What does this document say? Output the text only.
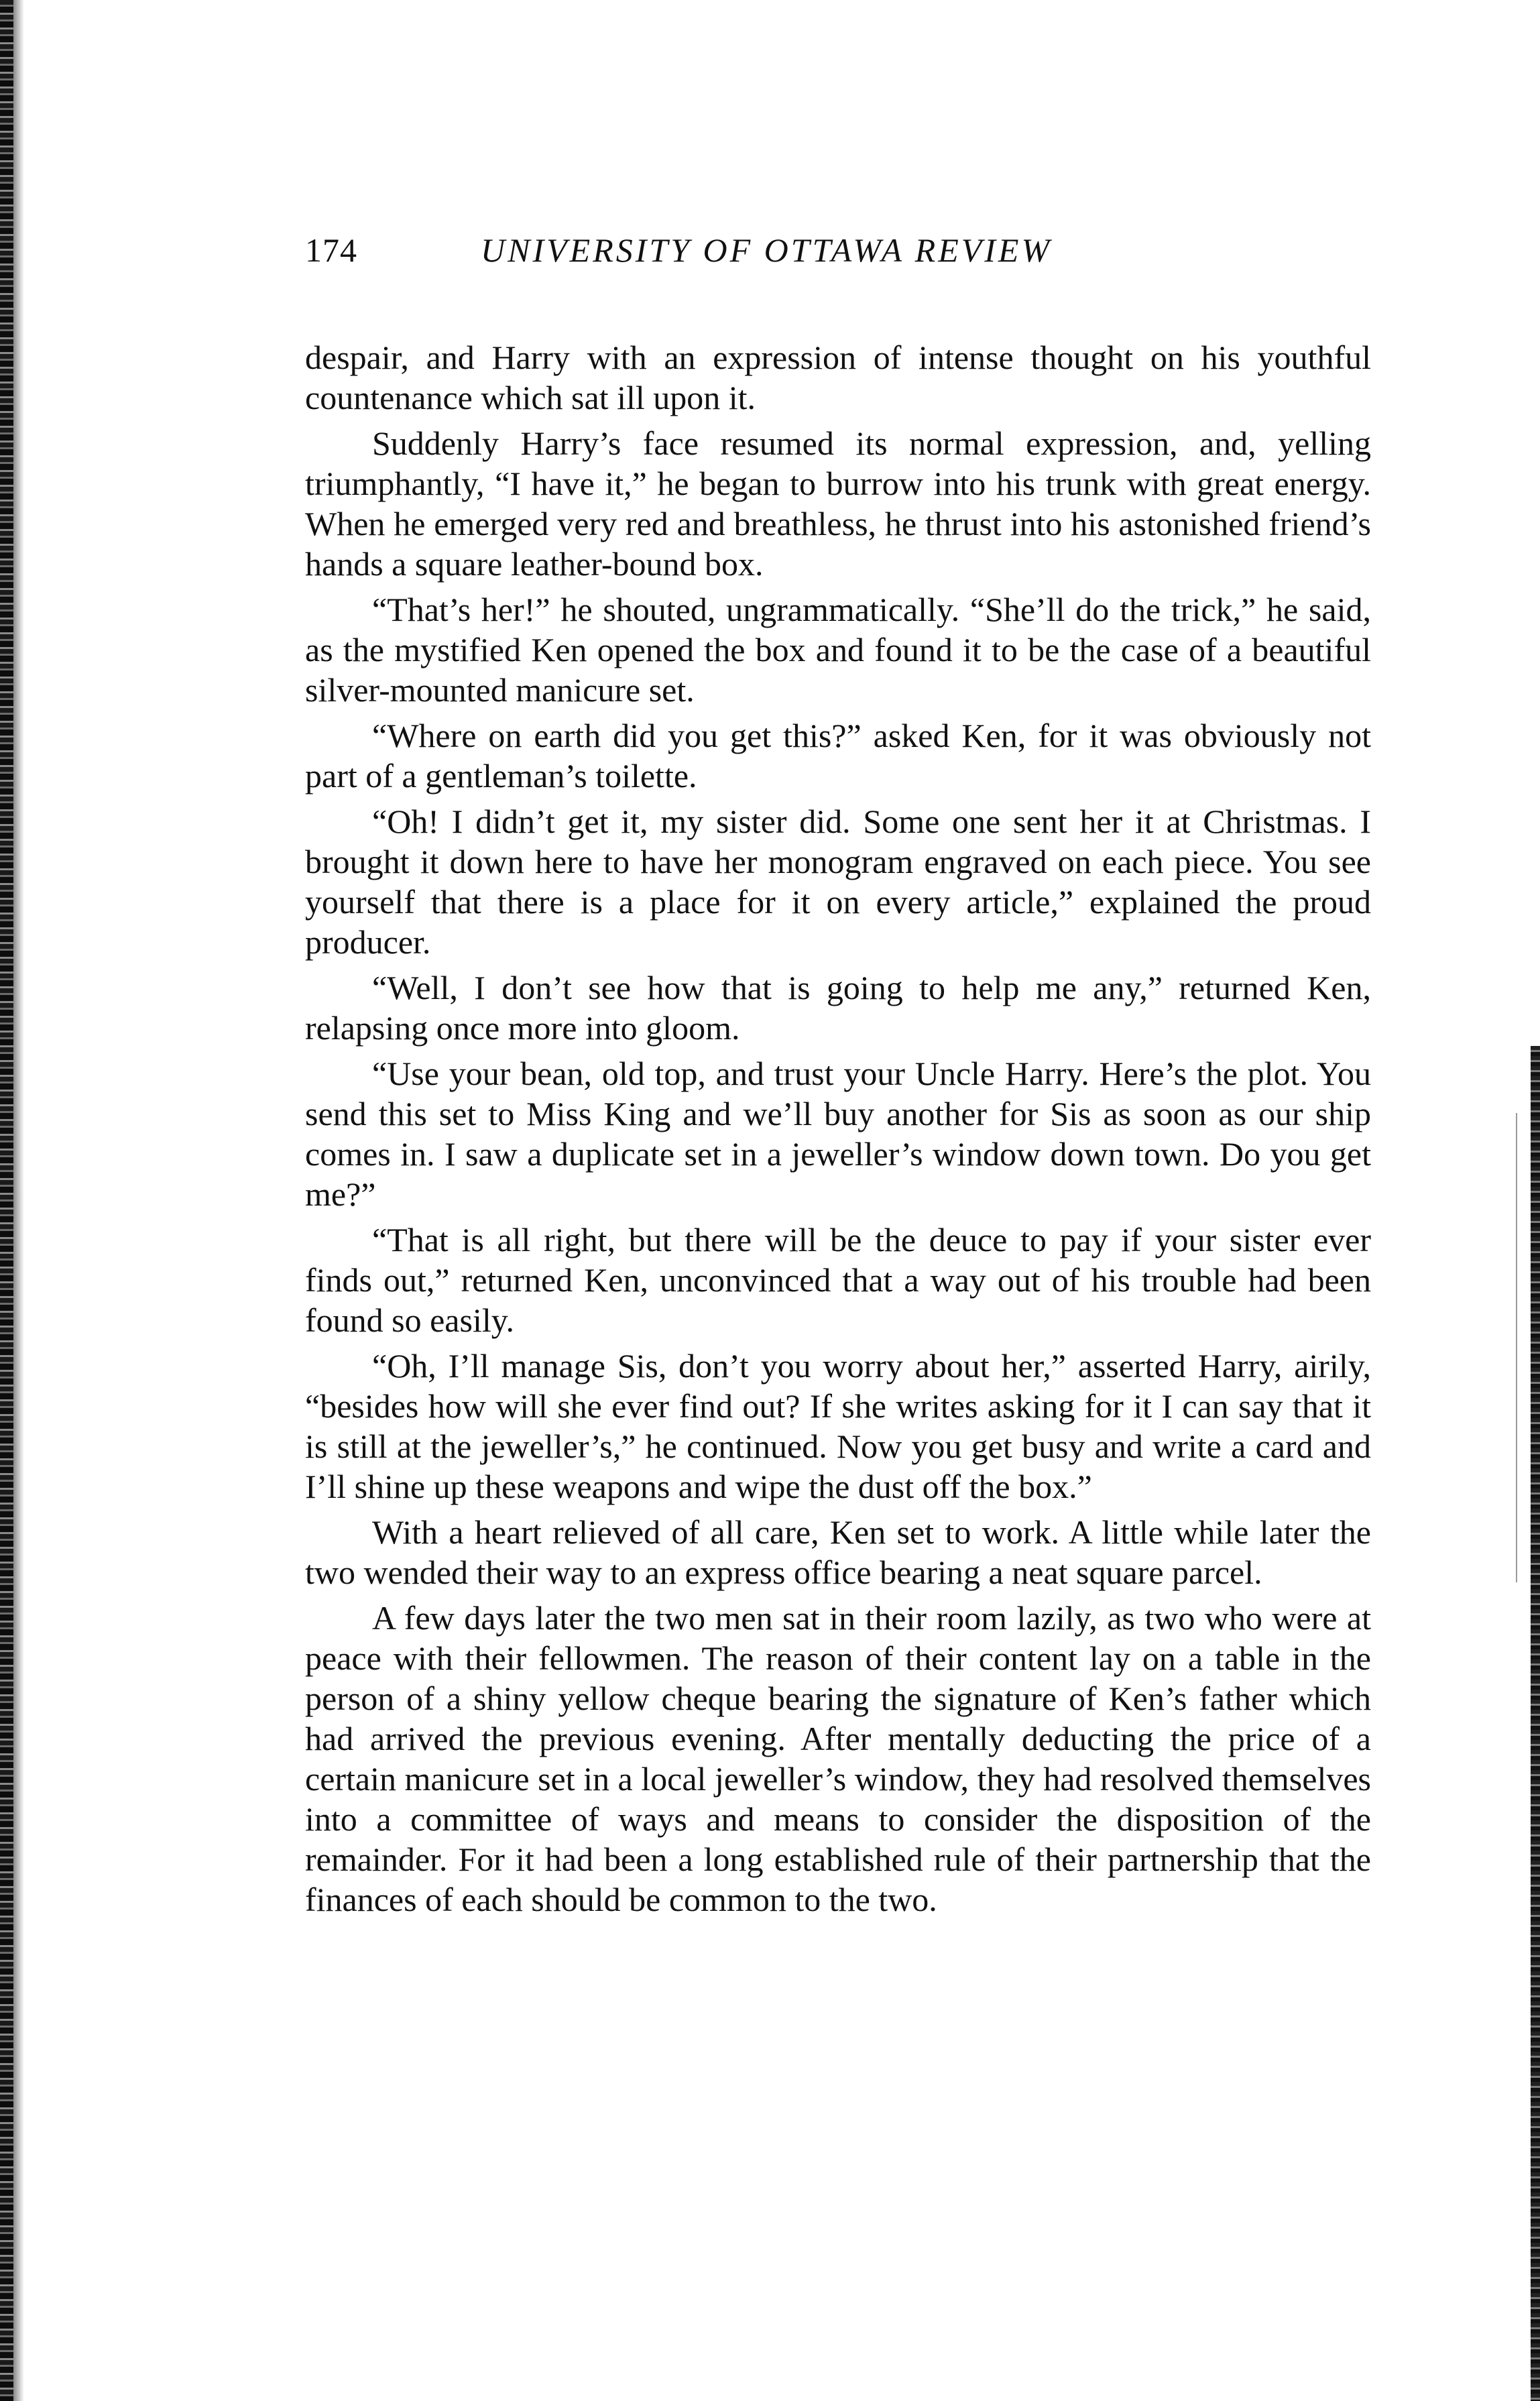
174	UNIVERSITY OF OTTAWA REVIEW

despair, and Harry with an expression of intense thought on his youthful countenance which sat ill upon it.

Suddenly Harry’s face resumed its normal expression, and, yelling triumphantly, “I have it,” he began to burrow into his trunk with great energy. When he emerged very red and breathless, he thrust into his astonished friend’s hands a square leather-bound box.

“That’s her!” he shouted, ungrammatically. “She’ll do the trick,” he said, as the mystified Ken opened the box and found it to be the case of a beautiful silver-mounted manicure set.

“Where on earth did you get this?” asked Ken, for it was obviously not part of a gentleman’s toilette.

“Oh! I didn’t get it, my sister did. Some one sent her it at Christmas. I brought it down here to have her monogram engraved on each piece. You see yourself that there is a place for it on every article,” explained the proud producer.

“Well, I don’t see how that is going to help me any,” returned Ken, relapsing once more into gloom.

“Use your bean, old top, and trust your Uncle Harry. Here’s the plot. You send this set to Miss King and we’ll buy another for Sis as soon as our ship comes in. I saw a duplicate set in a jeweller’s window down town. Do you get me?”

“That is all right, but there will be the deuce to pay if your sister ever finds out,” returned Ken, unconvinced that a way out of his trouble had been found so easily.

“Oh, I’ll manage Sis, don’t you worry about her,” asserted Harry, airily, “besides how will she ever find out? If she writes asking for it I can say that it is still at the jeweller’s,” he continued. Now you get busy and write a card and I’ll shine up these weapons and wipe the dust off the box.”

With a heart relieved of all care, Ken set to work. A little while later the two wended their way to an express office bearing a neat square parcel.

A few days later the two men sat in their room lazily, as two who were at peace with their fellowmen. The reason of their content lay on a table in the person of a shiny yellow cheque bearing the signature of Ken’s father which had arrived the previous evening. After mentally deducting the price of a certain manicure set in a local jeweller’s window, they had resolved themselves into a committee of ways and means to consider the disposition of the remainder. For it had been a long established rule of their partnership that the finances of each should be common to the two.
